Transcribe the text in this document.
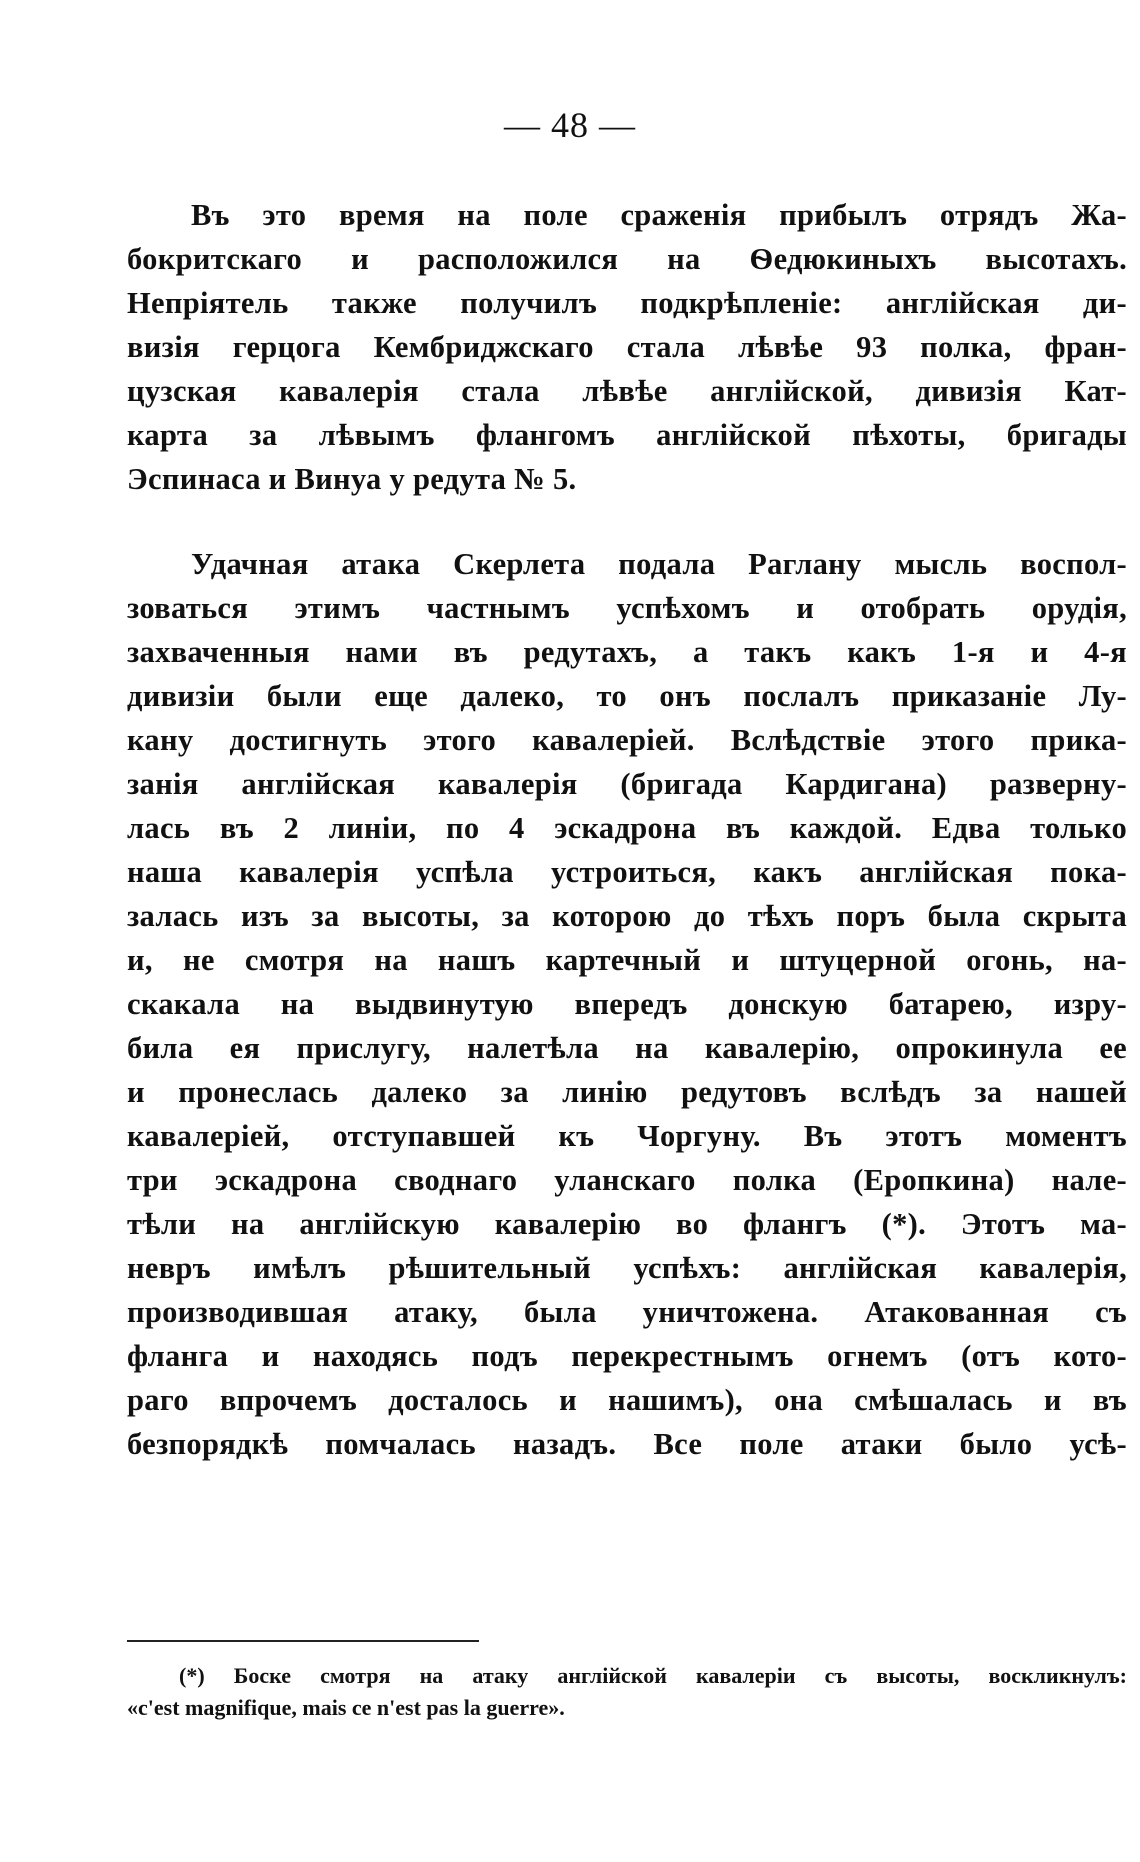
— 48 —
Въ это время на поле сраженія прибылъ отрядъ Жа-
бокритскаго и расположился на Ѳедюкиныхъ высотахъ.
Непріятель также получилъ подкрѣпленіе: англійская ди-
визія герцога Кембриджскаго стала лѣвѣе 93 полка, фран-
цузская кавалерія стала лѣвѣе англійской, дивизія Кат-
карта за лѣвымъ флангомъ англійской пѣхоты, бригады
Эспинаса и Винуа у редута № 5.
Удачная атака Скерлета подала Раглану мысль воспол-
зоваться этимъ частнымъ успѣхомъ и отобрать орудія,
захваченныя нами въ редутахъ, а такъ какъ 1-я и 4-я
дивизіи были еще далеко, то онъ послалъ приказаніе Лу-
кану достигнуть этого кавалеріей. Вслѣдствіе этого прика-
занія англійская кавалерія (бригада Кардигана) разверну-
лась въ 2 линіи, по 4 эскадрона въ каждой. Едва только
наша кавалерія успѣла устроиться, какъ англійская пока-
залась изъ за высоты, за которою до тѣхъ поръ была скрыта
и, не смотря на нашъ картечный и штуцерной огонь, на-
скакала на выдвинутую впередъ донскую батарею, изру-
била ея прислугу, налетѣла на кавалерію, опрокинула ее
и пронеслась далеко за линію редутовъ вслѣдъ за нашей
кавалеріей, отступавшей къ Чоргуну. Въ этотъ моментъ
три эскадрона своднаго уланскаго полка (Еропкина) нале-
тѣли на англійскую кавалерію во флангъ (*). Этотъ ма-
невръ имѣлъ рѣшительный успѣхъ: англійская кавалерія,
производившая атаку, была уничтожена. Атакованная съ
фланга и находясь подъ перекрестнымъ огнемъ (отъ кото-
раго впрочемъ досталось и нашимъ), она смѣшалась и въ
безпорядкѣ помчалась назадъ. Все поле атаки было усѣ-
(*) Боске смотря на атаку англійской кавалеріи съ высоты, воскликнулъ:
«c'est magnifique, mais ce n'est pas la guerre».
